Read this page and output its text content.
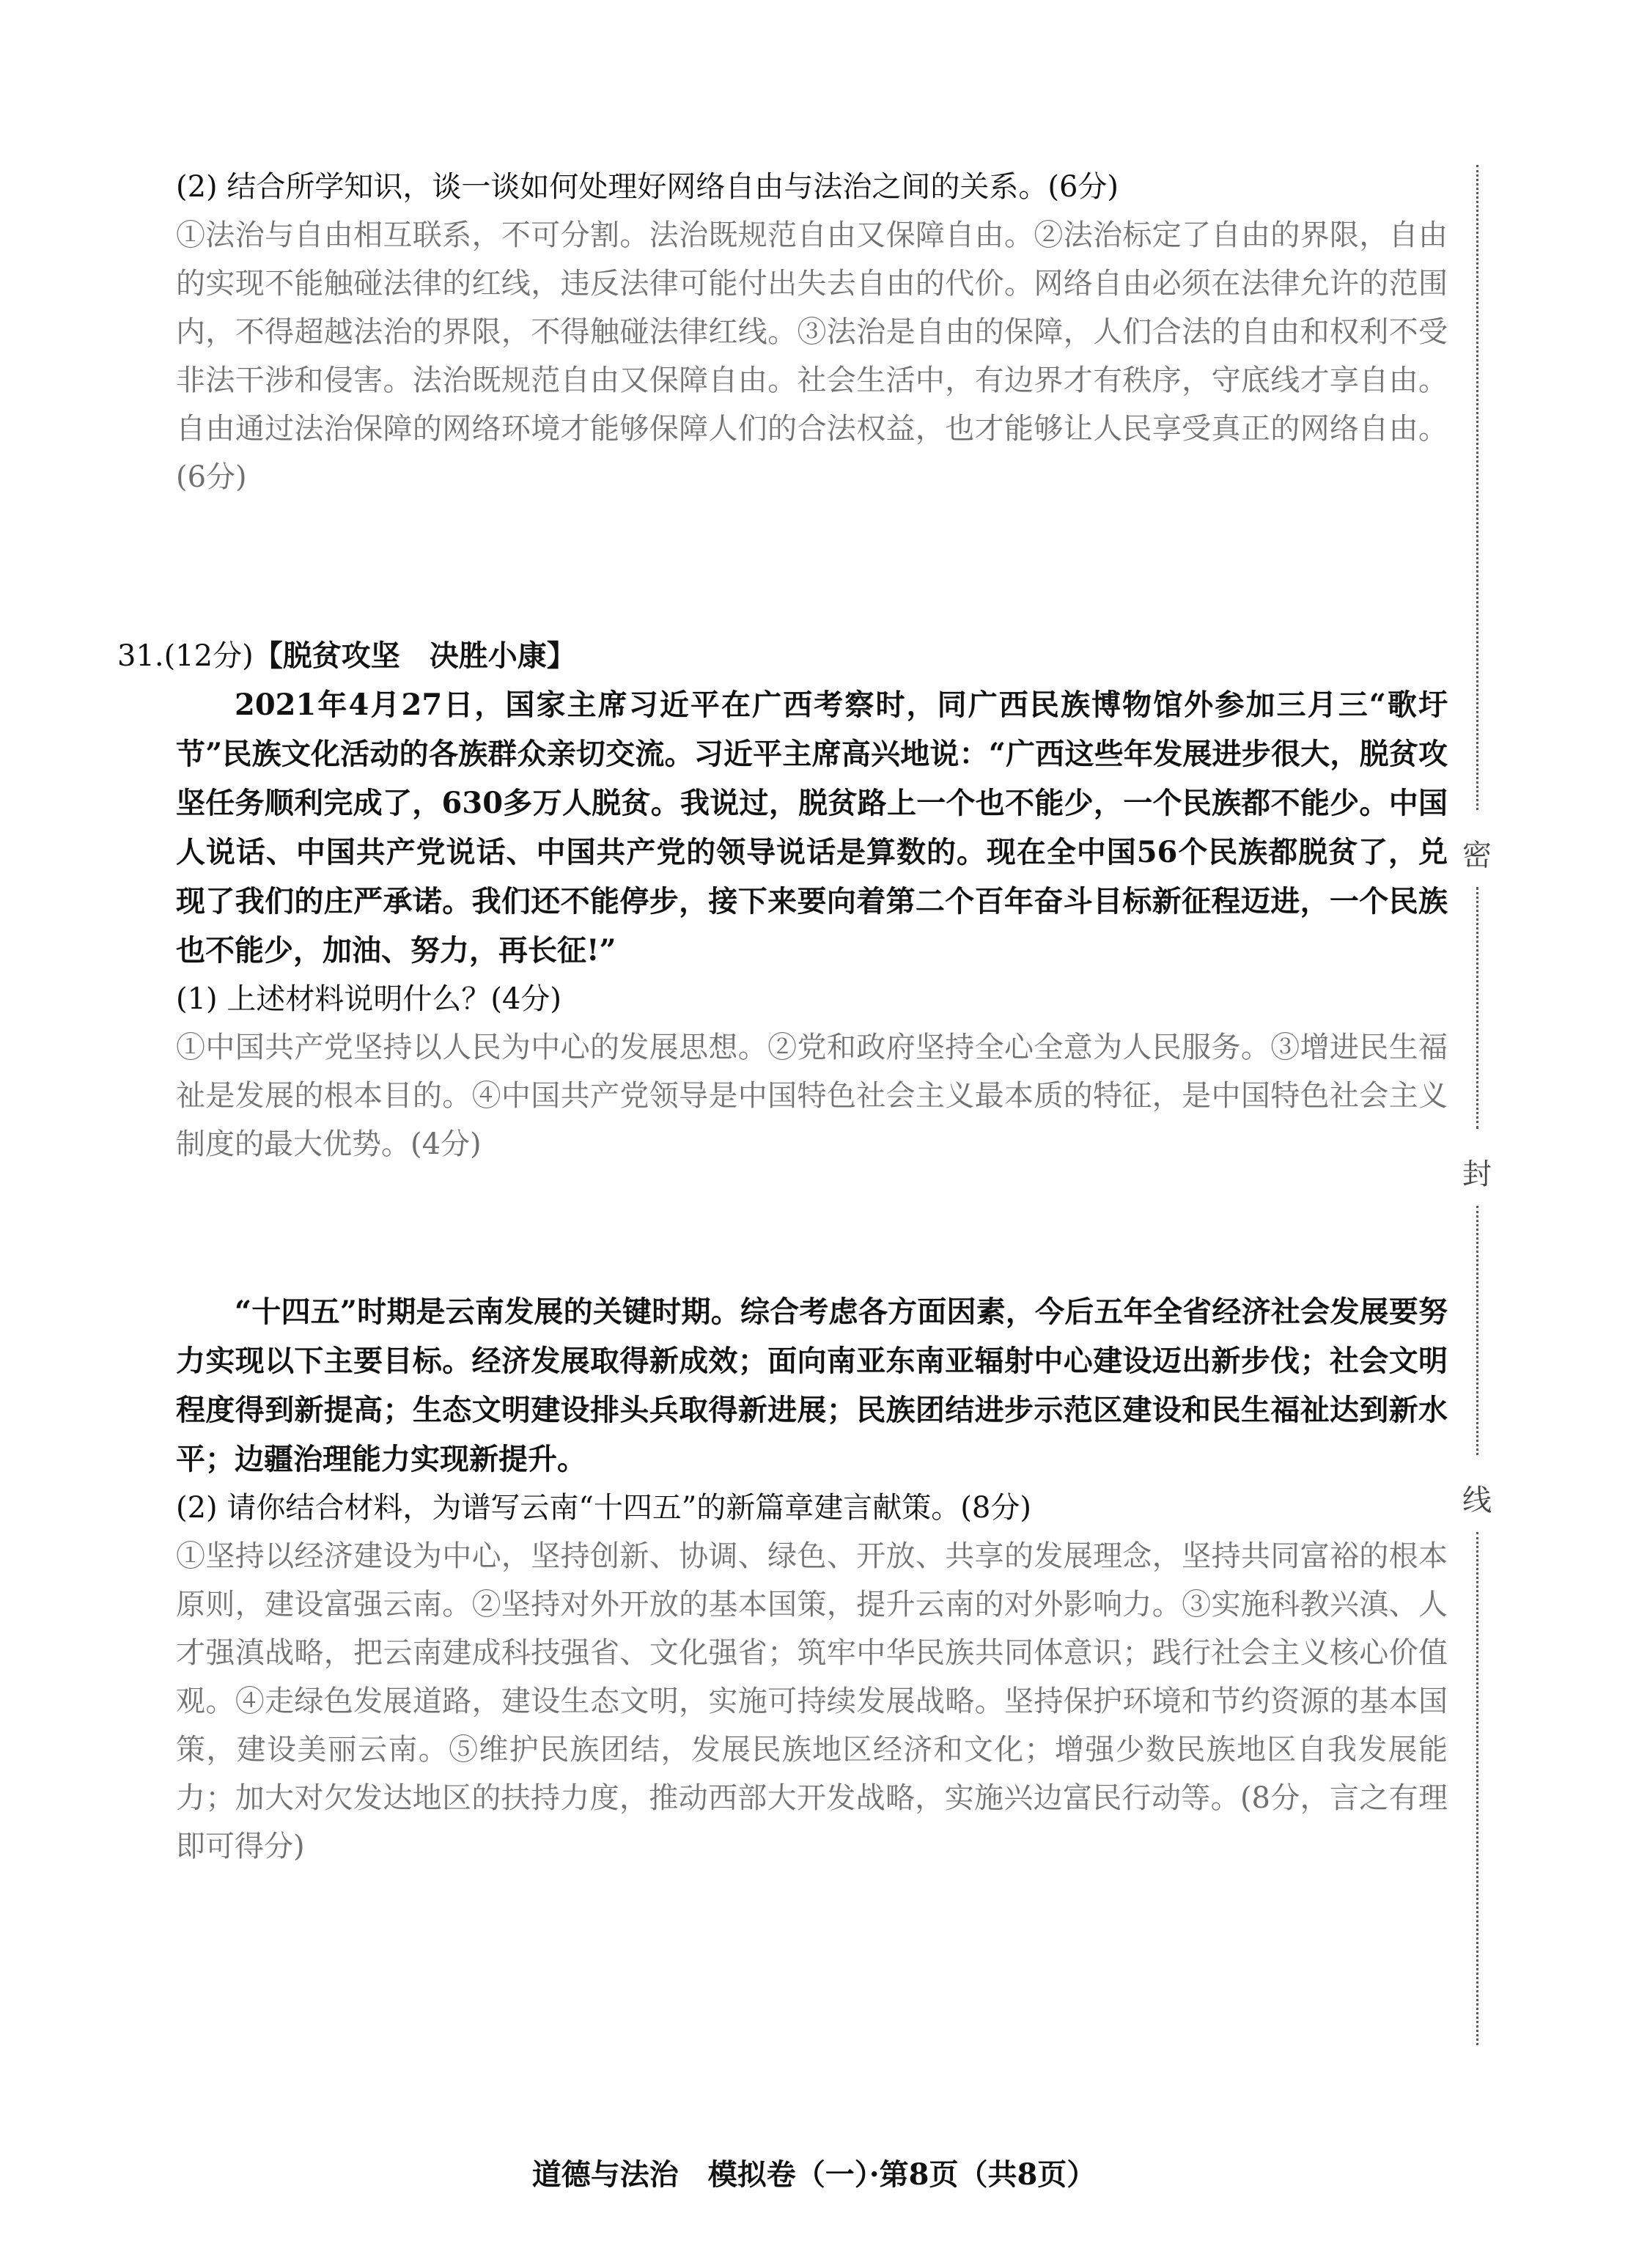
(2) 结合所学知识，谈一谈如何处理好网络自由与法治之间的关系。(6分)

①法治与自由相互联系，不可分割。法治既规范自由又保障自由。②法治标定了自由的界限，自由的实现不能触碰法律的红线，违反法律可能付出失去自由的代价。网络自由必须在法律允许的范围内，不得超越法治的界限，不得触碰法律红线。③法治是自由的保障，人们合法的自由和权利不受非法干涉和侵害。法治既规范自由又保障自由。社会生活中，有边界才有秩序，守底线才享自由。自由通过法治保障的网络环境才能够保障人们的合法权益，也才能够让人民享受真正的网络自由。(6分)

31.(12分)【脱贫攻坚　决胜小康】

2021年4月27日，国家主席习近平在广西考察时，同广西民族博物馆外参加三月三“歌圩节”民族文化活动的各族群众亲切交流。习近平主席高兴地说：“广西这些年发展进步很大，脱贫攻坚任务顺利完成了，630多万人脱贫。我说过，脱贫路上一个也不能少，一个民族都不能少。中国人说话、中国共产党说话、中国共产党的领导说话是算数的。现在全中国56个民族都脱贫了，兑现了我们的庄严承诺。我们还不能停步，接下来要向着第二个百年奋斗目标新征程迈进，一个民族也不能少，加油、努力，再长征!”

(1) 上述材料说明什么？(4分)

①中国共产党坚持以人民为中心的发展思想。②党和政府坚持全心全意为人民服务。③增进民生福祉是发展的根本目的。④中国共产党领导是中国特色社会主义最本质的特征，是中国特色社会主义制度的最大优势。(4分)

“十四五”时期是云南发展的关键时期。综合考虑各方面因素，今后五年全省经济社会发展要努力实现以下主要目标。经济发展取得新成效；面向南亚东南亚辐射中心建设迈出新步伐；社会文明程度得到新提高；生态文明建设排头兵取得新进展；民族团结进步示范区建设和民生福祉达到新水平；边疆治理能力实现新提升。

(2) 请你结合材料，为谱写云南“十四五”的新篇章建言献策。(8分)

①坚持以经济建设为中心，坚持创新、协调、绿色、开放、共享的发展理念，坚持共同富裕的根本原则，建设富强云南。②坚持对外开放的基本国策，提升云南的对外影响力。③实施科教兴滇、人才强滇战略，把云南建成科技强省、文化强省；筑牢中华民族共同体意识；践行社会主义核心价值观。④走绿色发展道路，建设生态文明，实施可持续发展战略。坚持保护环境和节约资源的基本国策，建设美丽云南。⑤维护民族团结，发展民族地区经济和文化；增强少数民族地区自我发展能力；加大对欠发达地区的扶持力度，推动西部大开发战略，实施兴边富民行动等。(8分，言之有理即可得分)

密
封
线
道德与法治　模拟卷（一）·第8页（共8页）
